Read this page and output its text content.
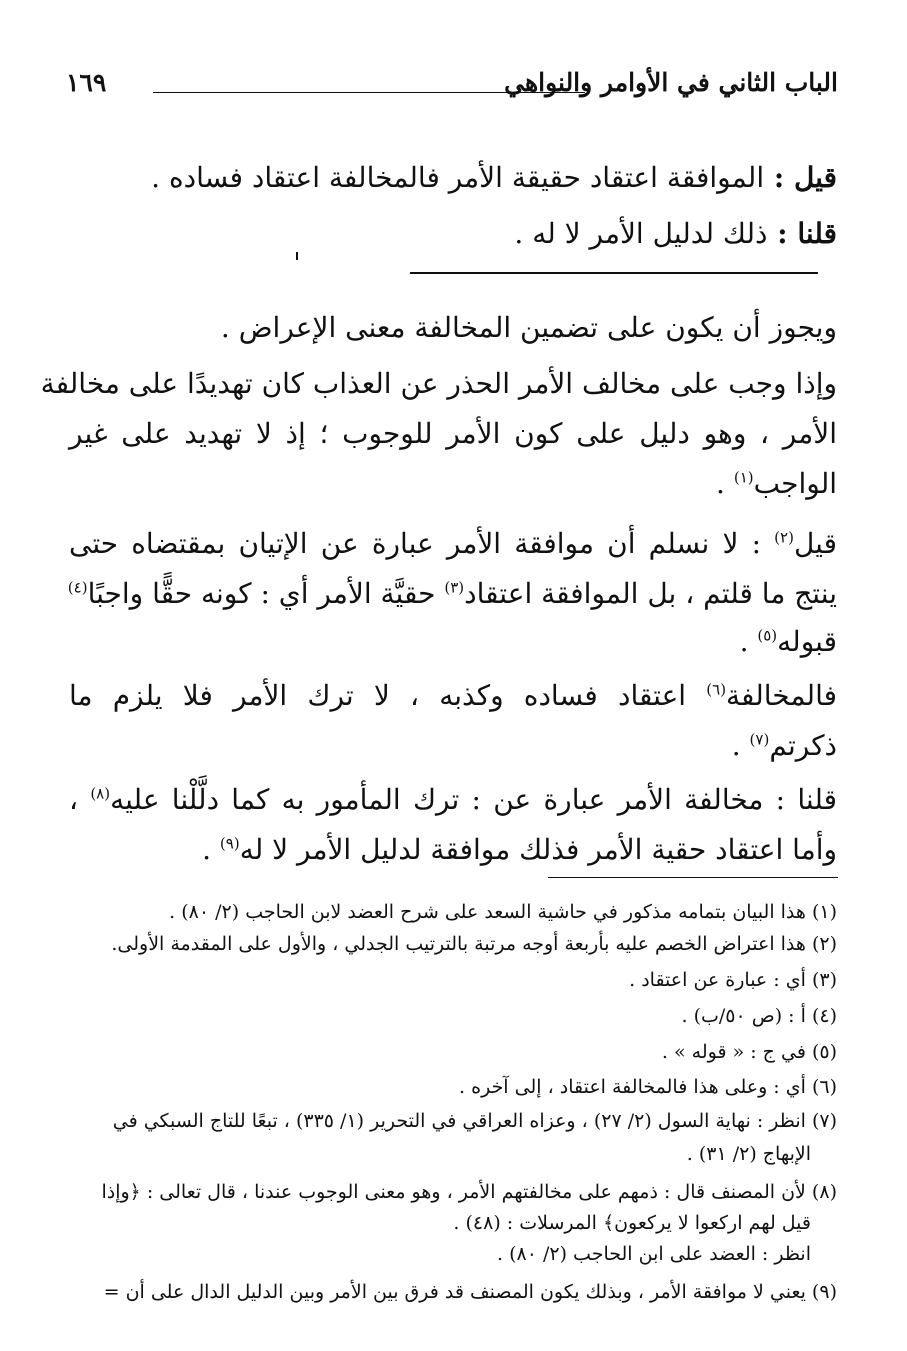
الباب الثاني في الأوامر والنواهي
١٦٩
قيل : الموافقة اعتقاد حقيقة الأمر فالمخالفة اعتقاد فساده .
قلنا : ذلك لدليل الأمر لا له .
ويجوز أن يكون على تضمين المخالفة معنى الإعراض .
وإذا وجب على مخالف الأمر الحذر عن العذاب كان تهديدًا على مخالفة
الأمر ، وهو دليل على كون الأمر للوجوب ؛ إذ لا تهديد على غير
الواجب$^{(١)}$ .
قيل$^{(٢)}$ : لا نسلم أن موافقة الأمر عبارة عن الإتيان بمقتضاه حتى
ينتج ما قلتم ، بل الموافقة اعتقاد$^{(٣)}$ حقيَّة الأمر أي : كونه حقًّا واجبًا$^{(٤)}$
قبوله$^{(٥)}$ .
فالمخالفة$^{(٦)}$ اعتقاد فساده وكذبه ، لا ترك الأمر فلا يلزم ما
ذكرتم$^{(٧)}$ .
قلنا : مخالفة الأمر عبارة عن : ترك المأمور به كما دلَّلْنا عليه$^{(٨)}$ ،
وأما اعتقاد حقية الأمر فذلك موافقة لدليل الأمر لا له$^{(٩)}$ .
(١) هذا البيان بتمامه مذكور في حاشية السعد على شرح العضد لابن الحاجب (٢/ ٨٠) .
(٢) هذا اعتراض الخصم عليه بأربعة أوجه مرتبة بالترتيب الجدلي ، والأول على المقدمة الأولى.
(٣) أي : عبارة عن اعتقاد .
(٤) أ : (ص ٥٠/ب) .
(٥) في ج : « قوله » .
(٦) أي : وعلى هذا فالمخالفة اعتقاد ، إلى آخره .
(٧) انظر : نهاية السول (٢/ ٢٧) ، وعزاه العراقي في التحرير (١/ ٣٣٥) ، تبعًا للتاج السبكي في
الإبهاج (٢/ ٣١) .
(٨) لأن المصنف قال : ذمهم على مخالفتهم الأمر ، وهو معنى الوجوب عندنا ، قال تعالى : ﴿وإذا
قيل لهم اركعوا لا يركعون﴾ المرسلات : (٤٨) .
انظر : العضد على ابن الحاجب (٢/ ٨٠) .
(٩) يعني لا موافقة الأمر ، وبذلك يكون المصنف قد فرق بين الأمر وبين الدليل الدال على أن =
